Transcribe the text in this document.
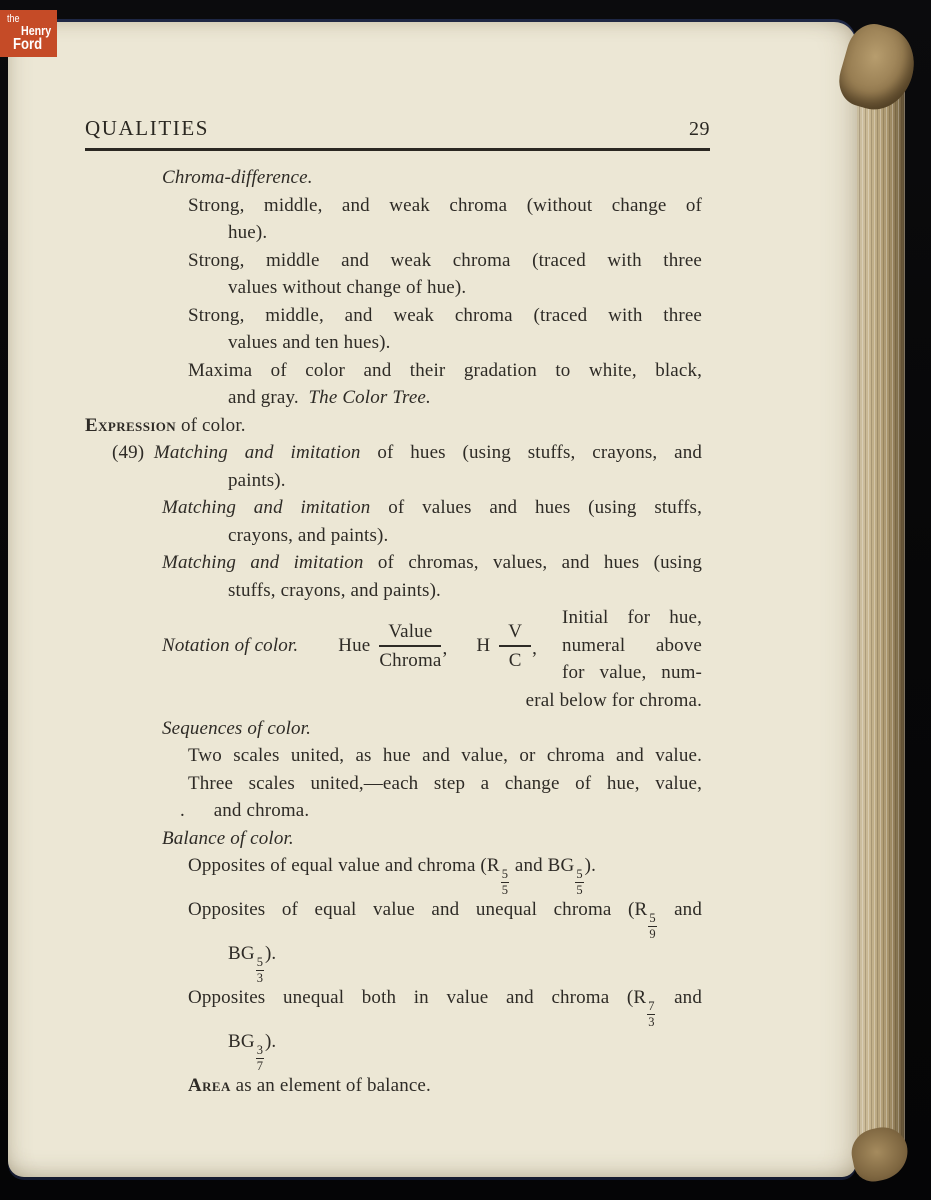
QUALITIES	29
Chroma-difference.
Strong, middle, and weak chroma (without change of
hue).
Strong, middle and weak chroma (traced with three
values without change of hue).
Strong, middle, and weak chroma (traced with three
values and ten hues).
Maxima of color and their gradation to white, black,
and gray. The Color Tree.
Expression of color.
(49) Matching and imitation of hues (using stuffs, crayons, and
paints).
Matching and imitation of values and hues (using stuffs,
crayons, and paints).
Matching and imitation of chromas, values, and hues (using
stuffs, crayons, and paints).
Notation of color. Hue
Value
Chroma
, H
V
C
,
Initial for hue,
numeral above
for value, num-
eral below for chroma.
Sequences of color.
Two scales united, as hue and value, or chroma and value.
Three scales united,—each step a change of hue, value,
.  and chroma.
Balance of color.
Opposites of equal value and chroma (R
$\frac{5}{5}$
and BG
$\frac{5}{5}$
).
Opposites of equal value and unequal chroma (R
$\frac{5}{9}$
and
BG
$\frac{5}{3}$
).
Opposites unequal both in value and chroma (R
$\frac{7}{3}$
and
BG
$\frac{3}{7}$
).
Area as an element of balance.
the
Henry
Ford
